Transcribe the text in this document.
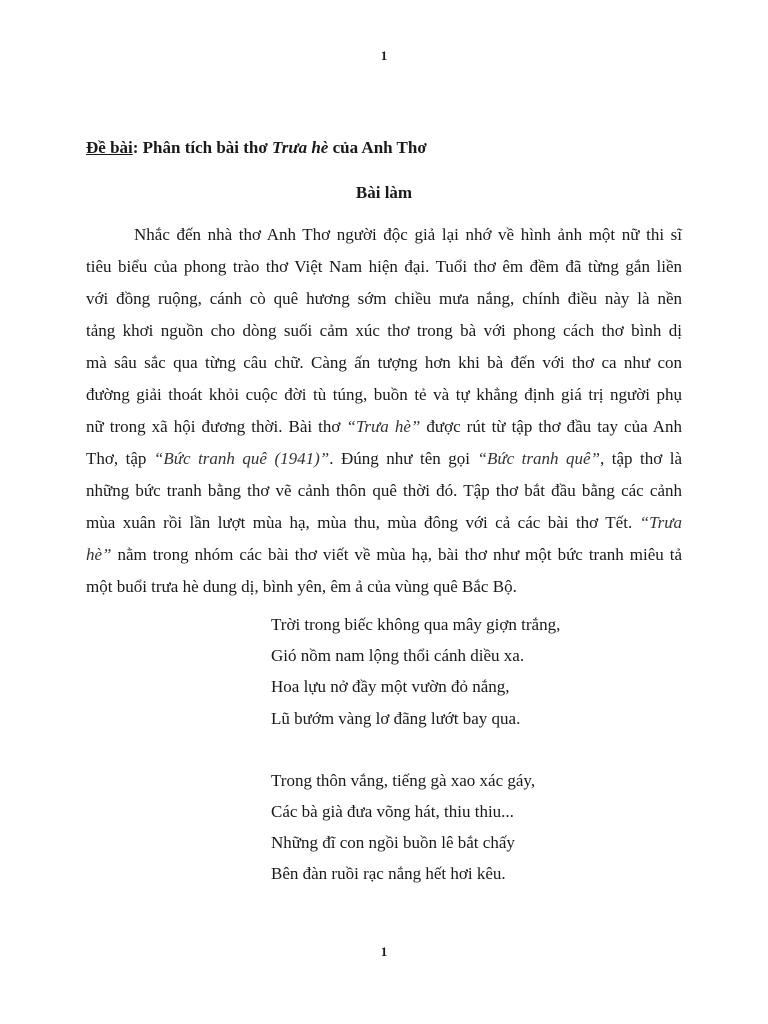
1
Đề bài: Phân tích bài thơ Trưa hè của Anh Thơ
Bài làm
Nhắc đến nhà thơ Anh Thơ người độc giả lại nhớ về hình ảnh một nữ thi sĩ
tiêu biểu của phong trào thơ Việt Nam hiện đại. Tuổi thơ êm đềm đã từng gắn liền
với đồng ruộng, cánh cò quê hương sớm chiều mưa nắng, chính điều này là nền
tảng khơi nguồn cho dòng suối cảm xúc thơ trong bà với phong cách thơ bình dị
mà sâu sắc qua từng câu chữ. Càng ấn tượng hơn khi bà đến với thơ ca như con
đường giải thoát khỏi cuộc đời tù túng, buồn tẻ và tự khẳng định giá trị người phụ
nữ trong xã hội đương thời. Bài thơ “Trưa hè” được rút từ tập thơ đầu tay của Anh
Thơ, tập “Bức tranh quê (1941)”. Đúng như tên gọi “Bức tranh quê”, tập thơ là
những bức tranh bằng thơ vẽ cảnh thôn quê thời đó. Tập thơ bắt đầu bằng các cảnh
mùa xuân rồi lần lượt mùa hạ, mùa thu, mùa đông với cả các bài thơ Tết. “Trưa
hè” nằm trong nhóm các bài thơ viết về mùa hạ, bài thơ như một bức tranh miêu tả
một buổi trưa hè dung dị, bình yên, êm ả của vùng quê Bắc Bộ.
Trời trong biếc không qua mây giợn trắng,
Gió nồm nam lộng thổi cánh diều xa.
Hoa lựu nở đầy một vườn đỏ nắng,
Lũ bướm vàng lơ đãng lướt bay qua.
Trong thôn vắng, tiếng gà xao xác gáy,
Các bà già đưa võng hát, thiu thiu...
Những đĩ con ngồi buồn lê bắt chấy
Bên đàn ruồi rạc nắng hết hơi kêu.
1
